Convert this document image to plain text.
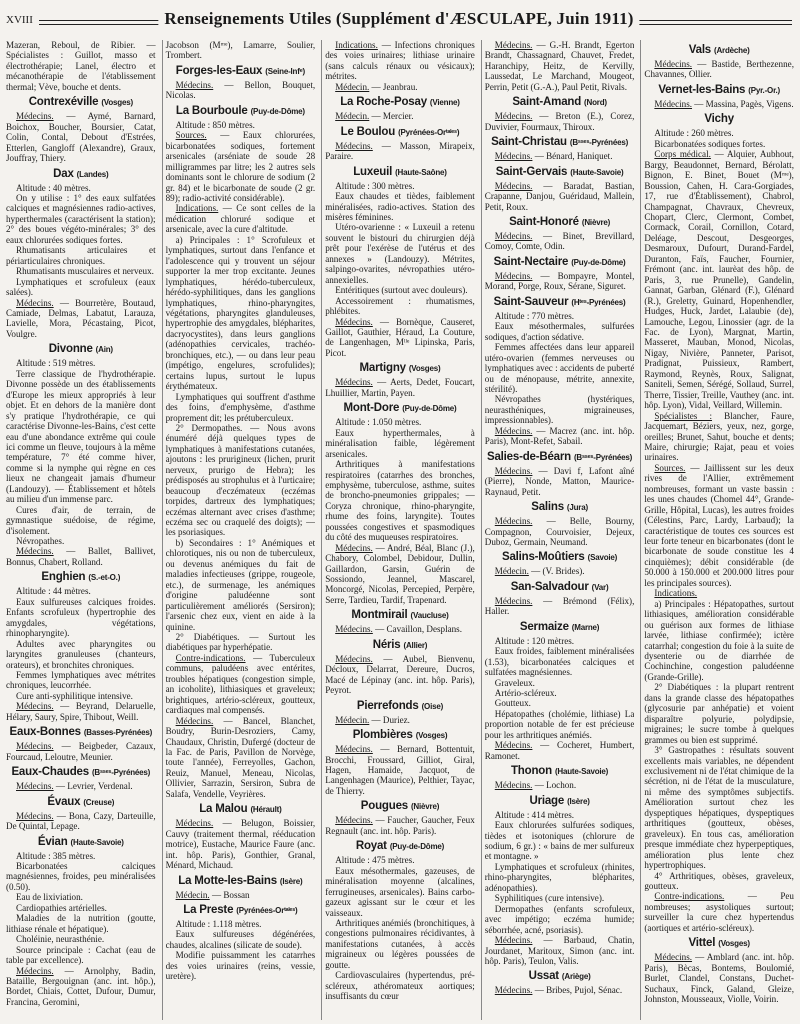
XVIII	Renseignements Utiles (Supplément d'ÆSCULAPE, Juin 1911)

Mazeran, Reboul, de Ribier. — Spécialistes : Guillot, masso et électrothérapie; Lanel, électro et mécanothérapie de l'établissement thermal; Vève, bouche et dents.

Contrexéville (Vosges)

Médecins. — Aymé, Barnard, Boichox, Boucher, Boursier, Catat, Colin, Contal, Debout d'Estrées, Etterlen, Gangloff (Alexandre), Graux, Jouffray, Thiery.

Dax (Landes)

Altitude : 40 mètres.

On y utilise : 1° des eaux sulfatées calciques et magnésiennes radio-actives, hyperthermales (caractérisent la station); 2° des boues végéto-minérales; 3° des eaux chlorurées sodiques fortes.

Rhumatisants articulaires et périarticulaires chroniques.

Rhumatisants musculaires et nerveux.

Lymphatiques et scrofuleux (eaux salées).

Médecins. — Bourretère, Boutaud, Camiade, Delmas, Labatut, Larauza, Lavielle, Mora, Pécastaing, Picot, Voulgre.

Divonne (Ain)

Altitude : 519 mètres.

Terre classique de l'hydrothérapie. Divonne possède un des établissements d'Europe les mieux appropriés à leur objet. Et en dehors de la manière dont s'y pratique l'hydrothérapie, ce qui caractérise Divonne-les-Bains, c'est cette eau d'une abondance extrême qui coule ici comme un fleuve, toujours à la même température, 7° été comme hiver, comme si la nymphe qui règne en ces lieux ne changeait jamais d'humeur (Landouzy). — Établissement et hôtels au milieu d'un immense parc.

Cures d'air, de terrain, de gymnastique suédoise, de régime, d'isolement.

Névropathes.

Médecins. — Ballet, Ballivet, Bonnus, Chabert, Rolland.

Enghien (S.-et-O.)

Altitude : 44 mètres.

Eaux sulfureuses calciques froides. Enfants scrofuleux (hypertrophie des amygdales, végétations, rhinopharyngite).

Adultes avec pharyngites ou laryngites granuleuses (chanteurs, orateurs), et bronchites chroniques.

Femmes lymphatiques avec métrites chroniques, leucorrhée.

Cure anti-syphilitique intensive.

Médecins. — Beyrand, Delaruelle, Hélary, Saury, Spire, Thibout, Weill.

Eaux-Bonnes (Basses-Pyrénées)

Médecins. — Beigbeder, Cazaux, Fourcaud, Leloutre, Meunier.

Eaux-Chaudes (Bˢˢᵉˢ-Pyrénées)

Médecins. — Levrier, Verdenal.

Évaux (Creuse)

Médecins. — Bona, Cazy, Darteuille, De Quintal, Lepage.

Évian (Haute-Savoie)

Altitude : 385 mètres.

Bicarbonatées calciques magnésiennes, froides, peu minéralisées (0.50).

Eau de lixiviation.

Cardiopathies artérielles.

Maladies de la nutrition (goutte, lithiase rénale et hépatique).

Choléinie, neurasthénie.

Source principale : Cachat (eau de table par excellence).

Médecins. — Arnolphy, Badin, Bataille, Bergouignan (anc. int. hôp.), Bordet, Chiais, Cottet, Dufour, Dumur, Francina, Geromini,

Jacobson (Mᵐᵉ), Lamarre, Soulier, Trombert.

Forges-les-Eaux (Seine-Infᵉ)

Médecins. — Bellon, Bouquet, Nicolas.

La Bourboule (Puy-de-Dôme)

Altitude : 850 mètres.

Sources. — Eaux chlorurées, bicarbonatées sodiques, fortement arsenicales (arséniate de soude 28 milligrammes par litre; les 2 autres sels dominants sont le chlorure de sodium (2 gr. 84) et le bicarbonate de soude (2 gr. 89); radio-activité considérable).

Indications. — Ce sont celles de la médication chloruré sodique et arsenicale, avec la cure d'altitude.

a) Principales : 1° Scrofuleux et lymphatiques, surtout dans l'enfance et l'adolescence qui y trouvent un séjour supporter la mer trop excitante. Jeunes lymphatiques, hérédo-tuberculeux, hérédo-syphilitiques, dans les ganglions lymphatiques, rhino-pharyngites, végétations, pharyngites glanduleuses, hypertrophie des amygdales, blépharites, dacryocystites), dans leurs ganglions (adénopathies cervicales, trachéo-bronchiques, etc.), — ou dans leur peau (impétigo, engelures, scrofulides); certains lupus, surtout le lupus érythémateux.

Lymphatiques qui souffrent d'asthme des foins, d'emphysème, d'asthme proprement dit; les prétuberculeux.

2° Dermopathes. — Nous avons énuméré déjà quelques types de lymphatiques à manifestations cutanées, ajoutons : les prurigineux (lichen, prurit nerveux, prurigo de Hebra); les prédisposés au strophulus et à l'urticaire; beaucoup d'eczémateux (eczémas torpides, dartreux des lymphatiques; eczémas alternant avec crises d'asthme; eczéma sec ou craquelé des doigts); — les psoriasiques.

b) Secondaires : 1° Anémiques et chlorotiques, nis ou non de tuberculeux, ou devenus anémiques du fait de maladies infectieuses (grippe, rougeole, etc.), de surmenage, les anémiques d'origine paludéenne sont particulièrement améliorés (Sersiron); l'arsenic chez eux, vient en aide à la quinine.

2° Diabétiques. — Surtout les diabétiques par hyperhépatie.

Contre-indications. — Tuberculeux communs, paludéens avec entérites, troubles hépatiques (congestion simple, an icoholite), lithiasiques et graveleux; brightiques, artério-scléreux, goutteux, cardiaques mal compensés.

Médecins. — Bancel, Blanchet, Boudry, Burin-Desroziers, Camy, Chaudaux, Christin, Dufergé (docteur de la Fac. de Paris, Pavillon de Norvège, toute l'année), Ferreyolles, Gachon, Reuiz, Manuel, Meneau, Nicolas, Ollivier, Sarrazin, Sersiron, Subra de Salafa, Vendelle, Veyrières.

La Malou (Hérault)

Médecins. — Belugon, Boissier, Cauvy (traitement thermal, rééducation motrice), Eustache, Maurice Faure (anc. int. hôp. Paris), Gonthier, Granal, Ménard, Michaud.

La Motte-les-Bains (Isère)

Médecin. — Bossan

La Preste (Pyrénées-Orᵗᵃˡᵉˢ)

Altitude : 1.118 mètres.

Eaux sulfureuses dégénérées, chaudes, alcalines (silicate de soude).

Modifie puissamment les catarrhes des voies urinaires (reins, vessie, uretère).

Indications. — Infections chroniques des voies urinaires; lithiase urinaire (sans calculs rénaux ou vésicaux); métrites.

Médecin. — Jeanbrau.

La Roche-Posay (Vienne)

Médecin. — Mercier.

Le Boulou (Pyrénées-Orᵗᵃˡᵉˢ)

Médecins. — Masson, Mirapeix, Paraire.

Luxeuil (Haute-Saône)

Altitude : 300 mètres.

Eaux chaudes et tièdes, faiblement minéralisées, radio-actives. Station des misères féminines.

Utéro-ovarienne : « Luxeuil a retenu souvent le bistouri du chirurgien déjà prêt pour l'exérèse de l'utérus et des annexes » (Landouzy). Métrites, salpingo-ovarites, névropathies utéro-annexielles.

Entéritiques (surtout avec douleurs).

Accessoirement : rhumatismes, phlébites.

Médecins. — Bornèque, Causeret, Gaillot, Gauthier, Héraud, La Couture, de Langenhagen, Mˡˡᵉ Lipinska, Paris, Picot.

Martigny (Vosges)

Médecins. — Aerts, Dedet, Foucart, Lhuillier, Martin, Payen.

Mont-Dore (Puy-de-Dôme)

Altitude : 1.050 mètres.

Eaux hyperthermales, à minéralisation faible, légèrement arsenicales.

Arthritiques à manifestations respiratoires (catarrhes des bronches, emphysème, tuberculose, asthme, suites de broncho-pneumonies grippales; — Coryza chronique, rhino-pharyngite, rhume des foins, laryngite). Toutes poussées congestives et spasmodiques du côté des muqueuses respiratoires.

Médecins. — André, Béal, Blanc (J.), Chabory, Colombel, Debidour, Dullin, Gaillardon, Garsin, Guérin de Sossiondo, Jeannel, Mascarel, Moncorgé, Nicolas, Percepied, Perpère, Serre, Tardieu, Tardif, Trapenard.

Montmirail (Vaucluse)

Médecins. — Cavaillon, Desplans.

Néris (Allier)

Médecins. — Aubel, Bienvenu, Décloux, Delarrat, Dereure, Ducros, Macé de Lépinay (anc. int. hôp. Paris), Peyrot.

Pierrefonds (Oise)

Médecin. — Duriez.

Plombières (Vosges)

Médecins. — Bernard, Bottentuit, Brocchi, Froussard, Gilliot, Giral, Hagen, Hamaide, Jacquot, de Langenhagen (Maurice), Pelthier, Tayac, de Thierry.

Pougues (Nièvre)

Médecins. — Faucher, Gaucher, Feux Regnault (anc. int. hôp. Paris).

Royat (Puy-de-Dôme)

Altitude : 475 mètres.

Eaux mésothermales, gazeuses, de minéralisation moyenne (alcalines, ferrugineuses, arsenicales). Bains carbo-gazeux agissant sur le cœur et les vaisseaux.

Arthritiques anémiés (bronchitiques, à congestions pulmonaires récidivantes, à manifestations cutanées, à accès migraineux ou légères poussées de goutte.

Cardiovasculaires (hypertendus, pré-scléreux, athéromateux aortiques; insuffisants du cœur

Médecins. — G.-H. Brandt, Egerton Brandt, Chassagnard, Chauvet, Fredet, Haranchipy, Heitz, de Kervilly, Laussedat, Le Marchand, Mougeot, Perrin, Petit (G.-A.), Paul Petit, Rivals.

Saint-Amand (Nord)

Médecins. — Breton (E.), Corez, Duvivier, Fourmaux, Thiroux.

Saint-Christau (Bˢˢᵉˢ-Pyrénées)

Médecins. — Bénard, Haniquet.

Saint-Gervais (Haute-Savoie)

Médecins. — Baradat, Bastian, Crapanne, Danjou, Guéridaud, Mallein, Petit, Roux.

Saint-Honoré (Nièvre)

Médecins. — Binet, Brevillard, Comoy, Comte, Odin.

Saint-Nectaire (Puy-de-Dôme)

Médecins. — Bompayre, Montel, Morand, Porge, Roux, Sérane, Siguret.

Saint-Sauveur (Hᵗᵉˢ-Pyrénées)

Altitude : 770 mètres.

Eaux mésothermales, sulfurées sodiques, d'action sédative.

Femmes affectées dans leur appareil utéro-ovarien (femmes nerveuses ou lymphatiques avec : accidents de puberté ou de ménopause, métrite, annexite, stérilité).

Névropathes (hystériques, neurasthéniques, migraineuses, impressionnables).

Médecins. — Macrez (anc. int. hôp. Paris), Mont-Refet, Sabail.

Salies-de-Béarn (Bˢˢᵉˢ-Pyrénées)

Médecins. — Davi f, Lafont aîné (Pierre), Nonde, Matton, Maurice-Raynaud, Petit.

Salins (Jura)

Médecins. — Belle, Bourny, Compagnon, Courvoisier, Dejeux, Duboz, Germain, Neumand.

Salins-Moûtiers (Savoie)

Médecin. — (V. Brides).

San-Salvadour (Var)

Médecins. — Brémond (Félix), Haller.

Sermaize (Marne)

Altitude : 120 mètres.

Eaux froides, faiblement minéralisées (1.53), bicarbonatées calciques et sulfatées magnésiennes.

Graveleux.

Artério-scléreux.

Goutteux.

Hépatopathes (cholémie, lithiase) La proportion notable de fer est précieuse pour les arthritiques anémiés.

Médecins. — Cocheret, Humbert, Ramonet.

Thonon (Haute-Savoie)

Médecins. — Lochon.

Uriage (Isère)

Altitude : 414 mètres.

Eaux chlorurées sulfurées sodiques, tièdes et isotoniques (chlorure de sodium, 6 gr.) : « bains de mer sulfureux et montagne. »

Lymphatiques et scrofuleux (rhinites, rhino-pharyngites, blépharites, adénopathies).

Syphilitiques (cure intensive).

Dermopathes (enfants scrofuleux, avec impétigo; eczéma humide; séborrhée, acné, psoriasis).

Médecins. — Barbaud, Chatin, Jourdanet, Maritoux, Simon (anc. int. hôp. Paris), Teulon, Valis.

Ussat (Ariège)

Médecins. — Bribes, Pujol, Sénac.

Vals (Ardèche)

Médecins. — Bastide, Berthezenne, Chavannes, Ollier.

Vernet-les-Bains (Pyr.-Or.)

Médecins. — Massina, Pagès, Vigens.

Vichy

Altitude : 260 mètres.

Bicarbonatées sodiques fortes.

Corps médical. — Alquier, Aubhout, Bargy, Beaudonnet, Bernard, Bérolatt, Bignon, E. Binet, Bouet (Mᵐᵉ), Boussion, Cahen, H. Cara-Gorgiades, 17, rue d'Établissement), Chabrol, Champagnat, Chavraux, Chevreux, Chopart, Clerc, Clermont, Combet, Cormack, Corail, Cornillon, Cotard, Deléage, Descout, Desgeorges, Desmaroux, Dufourt, Durand-Fardel, Duranton, Faïs, Faucher, Fournier, Frémont (anc. int. laurèat des hôp. de Paris, 3, rue Prunelle), Gandelin, Gannat, Garban, Glénard (F.), Glénard (R.), Greletty, Guinard, Hopenhendler, Hudges, Huck, Jardet, Lalaubie (de), Lamouche, Legou, Linossier (agr. de la Fac. de Lyon), Margnat, Martin, Masseret, Mauban, Monod, Nicolas, Nigay, Nivière, Panneter, Parisot, Pradignat, Puissieux, Rambert, Raymond, Reynès, Roux, Salignat, Saniteli, Semen, Sérégé, Sollaud, Surrel, Therre, Tissier, Treille, Vauthey (anc. int. hôp. Lyon), Vidal, Veillard, Willemin.

Spécialistes : Blancher, Faure, Jacquemart, Béziers, yeux, nez, gorge, oreilles; Brunet, Sahut, bouche et dents; Maire, chirurgie; Rajat, peau et voies urinaires.

Sources. — Jaillissent sur les deux rives de l'Allier, extrêmement nombreuses, formant un vaste bassin : les unes chaudes (Chomel 44°, Grande-Grille, Hôpital, Lucas), les autres froides (Célestins, Parc, Lardy, Larbaud); la caractéristique de toutes ces sources est leur forte teneur en bicarbonates (dont le bicarbonate de soude constitue les 4 cinquièmes); débit considérable (de 50.000 à 150.000 et 200.000 litres pour les principales sources).

Indications.

a) Principales : Hépatopathes, surtout lithiasiques, amélioration considérable ou guérison aux formes de lithiase larvée, lithiase confirmée); ictère catarrhal; congestion du foie à la suite de dysenterie ou de diarrhée de Cochinchine, congestion paludéenne (Grande-Grille).

2° Diabétiques : la plupart rentrent dans la grande classe des hépatopathes (glycosurie par anhépatie) et voient disparaître polyurie, polydipsie, migraines; le sucre tombe à quelques grammes ou bien est supprimé.

3° Gastropathes : résultats souvent excellents mais variables, ne dépendent exclusivement ni de l'état chimique de la sécrétion, ni de l'état de la musculature, ni même des symptômes subjectifs. Amélioration surtout chez les dyspeptiques hépatiques, dyspeptiques arthritiques (goutteux, obèses, graveleux). En tous cas, amélioration presque immédiate chez hyperpeptiques, amélioration plus lente chez hypertrophiques.

4° Arthritiques, obèses, graveleux, goutteux.

Contre-indications. — Peu nombreuses; asystoliques surtout; surveiller la cure chez hypertendus (aortiques et artério-scléreux).

Vittel (Vosges)

Médecins. — Amblard (anc. int. hôp. Paris), Bècas, Bontems, Boulomié, Burlet, Clandel, Constans, Duchet-Suchaux, Finck, Galand, Gleize, Johnston, Mousseaux, Violle, Voirin.
